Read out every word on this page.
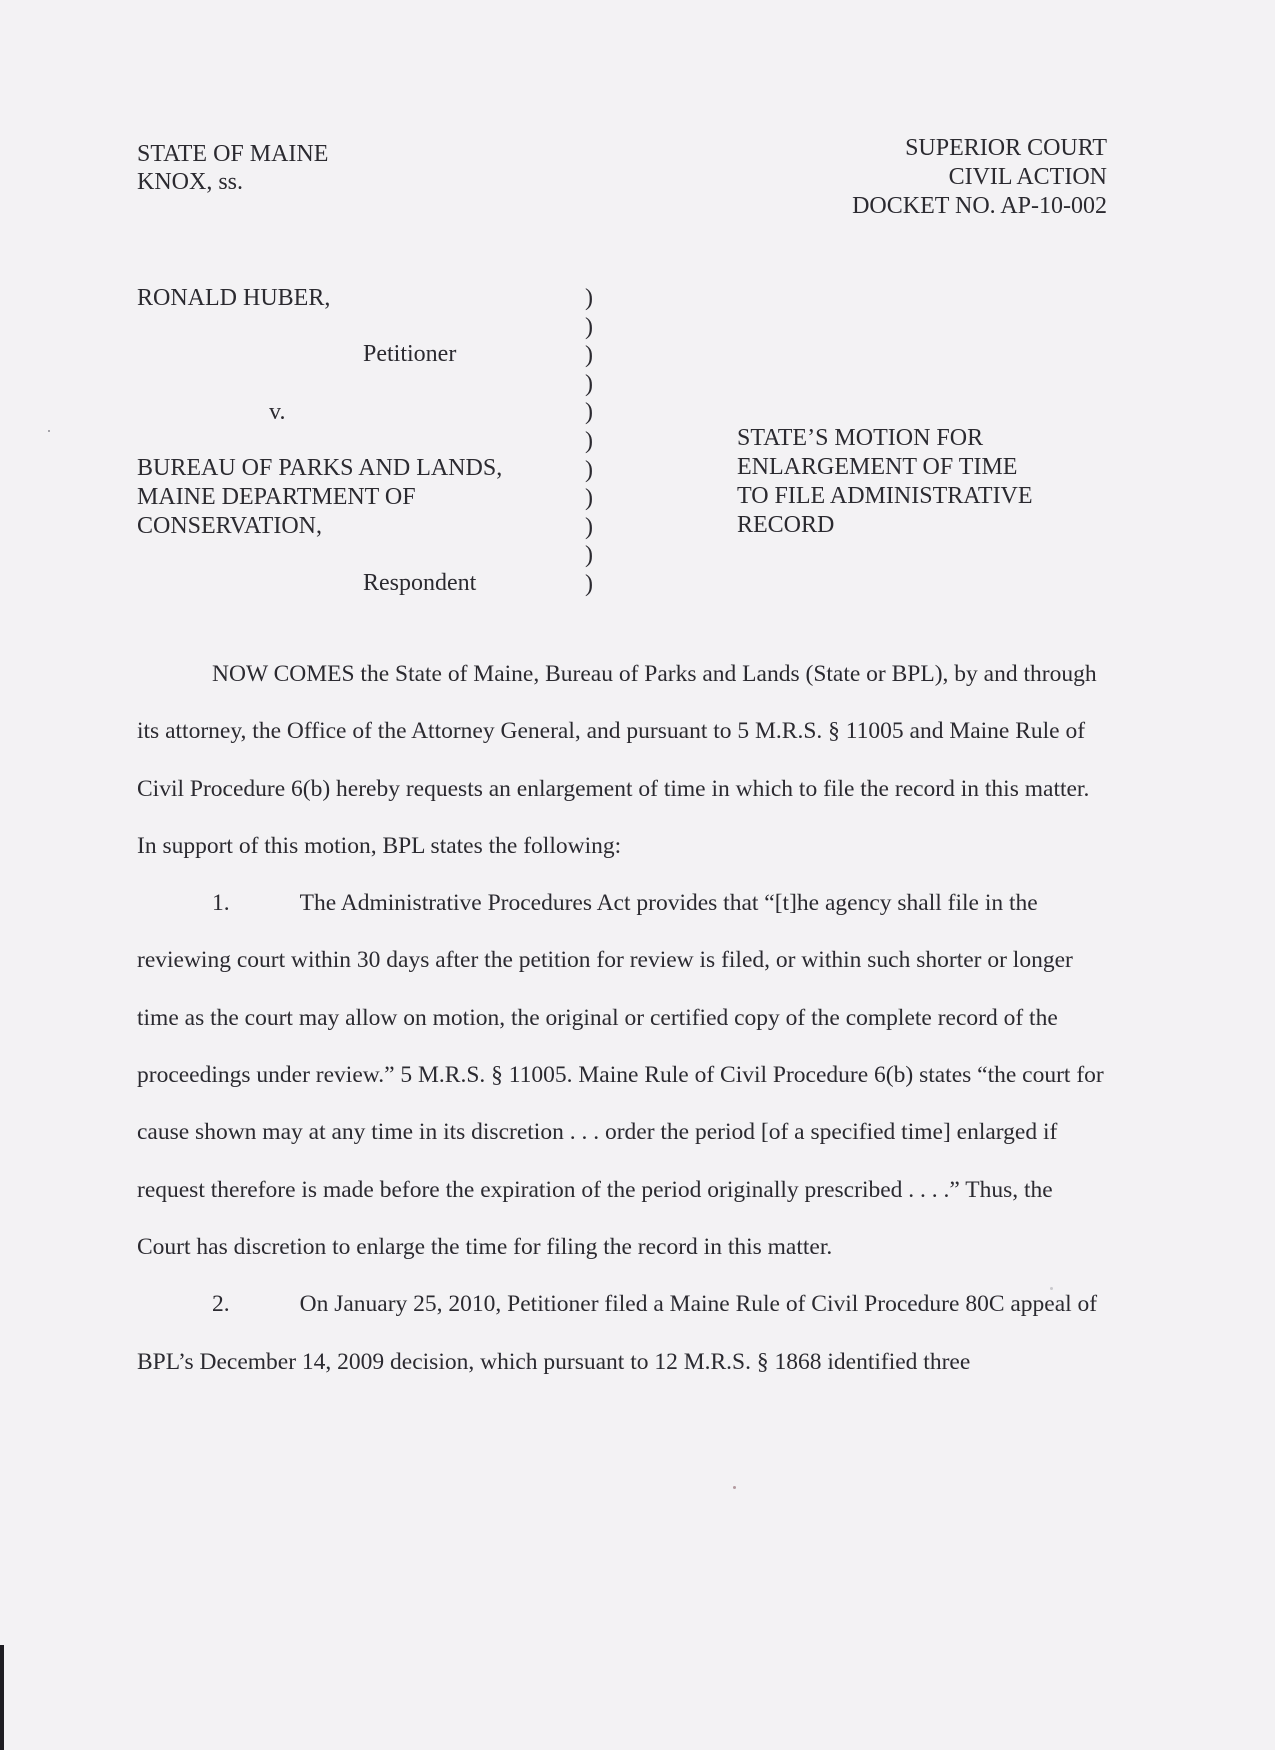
STATE OF MAINE
KNOX, ss.
SUPERIOR COURT
CIVIL ACTION
DOCKET NO. AP-10-002
RONALD HUBER,
Petitioner
v.
BUREAU OF PARKS AND LANDS,
MAINE DEPARTMENT OF
CONSERVATION,
Respondent
)
)
)
)
)
)
)
)
)
)
)
STATE’S MOTION FOR
ENLARGEMENT OF TIME
TO FILE ADMINISTRATIVE
RECORD

NOW COMES the State of Maine, Bureau of Parks and Lands (State or BPL), by and through its attorney, the Office of the Attorney General, and pursuant to 5 M.R.S. § 11005 and Maine Rule of Civil Procedure 6(b) hereby requests an enlargement of time in which to file the record in this matter. In support of this motion, BPL states the following:

1.	The Administrative Procedures Act provides that “[t]he agency shall file in the reviewing court within 30 days after the petition for review is filed, or within such shorter or longer time as the court may allow on motion, the original or certified copy of the complete record of the proceedings under review.” 5 M.R.S. § 11005. Maine Rule of Civil Procedure 6(b) states “the court for cause shown may at any time in its discretion . . . order the period [of a specified time] enlarged if request therefore is made before the expiration of the period originally prescribed . . . .” Thus, the Court has discretion to enlarge the time for filing the record in this matter.

2.	On January 25, 2010, Petitioner filed a Maine Rule of Civil Procedure 80C appeal of BPL’s December 14, 2009 decision, which pursuant to 12 M.R.S. § 1868 identified three
